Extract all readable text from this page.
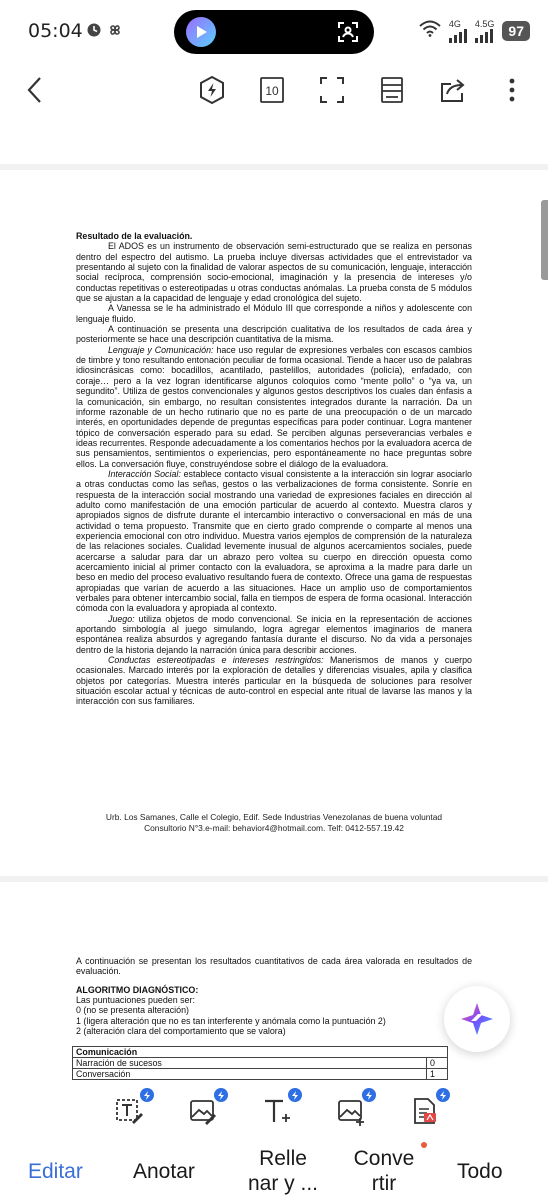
05:04	4G 4.5G	97
10

Resultado de la evaluación.

El ADOS es un instrumento de observación semi-estructurado que se realiza en personas dentro del espectro del autismo. La prueba incluye diversas actividades que el entrevistador va presentando al sujeto con la finalidad de valorar aspectos de su comunicación, lenguaje, interacción social recíproca, comprensión socio-emocional, imaginación y la presencia de intereses y/o conductas repetitivas o estereotipadas u otras conductas anómalas. La prueba consta de 5 módulos que se ajustan a la capacidad de lenguaje y edad cronológica del sujeto.

A Vanessa se le ha administrado el Módulo III que corresponde a niños y adolescente con lenguaje fluido.

A continuación se presenta una descripción cualitativa de los resultados de cada área y posteriormente se hace una descripción cuantitativa de la misma.

Lenguaje y Comunicación: hace uso regular de expresiones verbales con escasos cambios de timbre y tono resultando entonación peculiar de forma ocasional. Tiende a hacer uso de palabras idiosincrásicas como: bocadillos, acantilado, pastelillos, autoridades (policía), enfadado, con coraje… pero a la vez logran identificarse algunos coloquios como “mente pollo” o “ya va, un segundito”. Utiliza de gestos convencionales y algunos gestos descriptivos los cuales dan énfasis a la comunicación, sin embargo, no resultan consistentes integrados durante la narración. Da un informe razonable de un hecho rutinario que no es parte de una preocupación o de un marcado interés, en oportunidades depende de preguntas específicas para poder continuar. Logra mantener tópico de conversación esperado para su edad. Se perciben algunas perseverancias verbales e ideas recurrentes. Responde adecuadamente a los comentarios hechos por la evaluadora acerca de sus pensamientos, sentimientos o experiencias, pero espontáneamente no hace preguntas sobre ellos. La conversación fluye, construyéndose sobre el diálogo de la evaluadora.

Interacción Social: establece contacto visual consistente a la interacción sin lograr asociarlo a otras conductas como las señas, gestos o las verbalizaciones de forma consistente. Sonríe en respuesta de la interacción social mostrando una variedad de expresiones faciales en dirección al adulto como manifestación de una emoción particular de acuerdo al contexto. Muestra claros y apropiados signos de disfrute durante el intercambio interactivo o conversacional en más de una actividad o tema propuesto. Transmite que en cierto grado comprende o comparte al menos una experiencia emocional con otro individuo. Muestra varios ejemplos de comprensión de la naturaleza de las relaciones sociales. Cualidad levemente inusual de algunos acercamientos sociales, puede acercarse a saludar para dar un abrazo pero voltea su cuerpo en dirección opuesta como acercamiento inicial al primer contacto con la evaluadora, se aproxima a la madre para darle un beso en medio del proceso evaluativo resultando fuera de contexto. Ofrece una gama de respuestas apropiadas que varían de acuerdo a las situaciones. Hace un amplio uso de comportamientos verbales para obtener intercambio social, falla en tiempos de espera de forma ocasional. Interacción cómoda con la evaluadora y apropiada al contexto.

Juego: utiliza objetos de modo convencional. Se inicia en la representación de acciones aportando simbología al juego simulando, logra agregar elementos imaginarios de manera espontánea realiza absurdos y agregando fantasía durante el discurso. No da vida a personajes dentro de la historia dejando la narración única para describir acciones.

Conductas estereotipadas e intereses restringidos: Manerismos de manos y cuerpo ocasionales. Marcado interés por la exploración de detalles y diferencias visuales, apila y clasifica objetos por categorías. Muestra interés particular en la búsqueda de soluciones para resolver situación escolar actual y técnicas de auto-control en especial ante ritual de lavarse las manos y la interacción con sus familiares.

Urb. Los Samanes, Calle el Colegio, Edif. Sede Industrias Venezolanas de buena voluntad
Consultorio N°3.e-mail: behavior4@hotmail.com. Telf: 0412-557.19.42

A continuación se presentan los resultados cuantitativos de cada área valorada en resultados de evaluación.

ALGORITMO DIAGNÓSTICO:

Las puntuaciones pueden ser:

0 (no se presenta alteración)

1 (ligera alteración que no es tan interferente y anómala como la puntuación 2)

2 (alteración clara del comportamiento que se valora)

Comunicación	
Narración de sucesos	0
Conversación	1
Editar Anotar
Relle
nar y ...
Conve
rtir
Todo
